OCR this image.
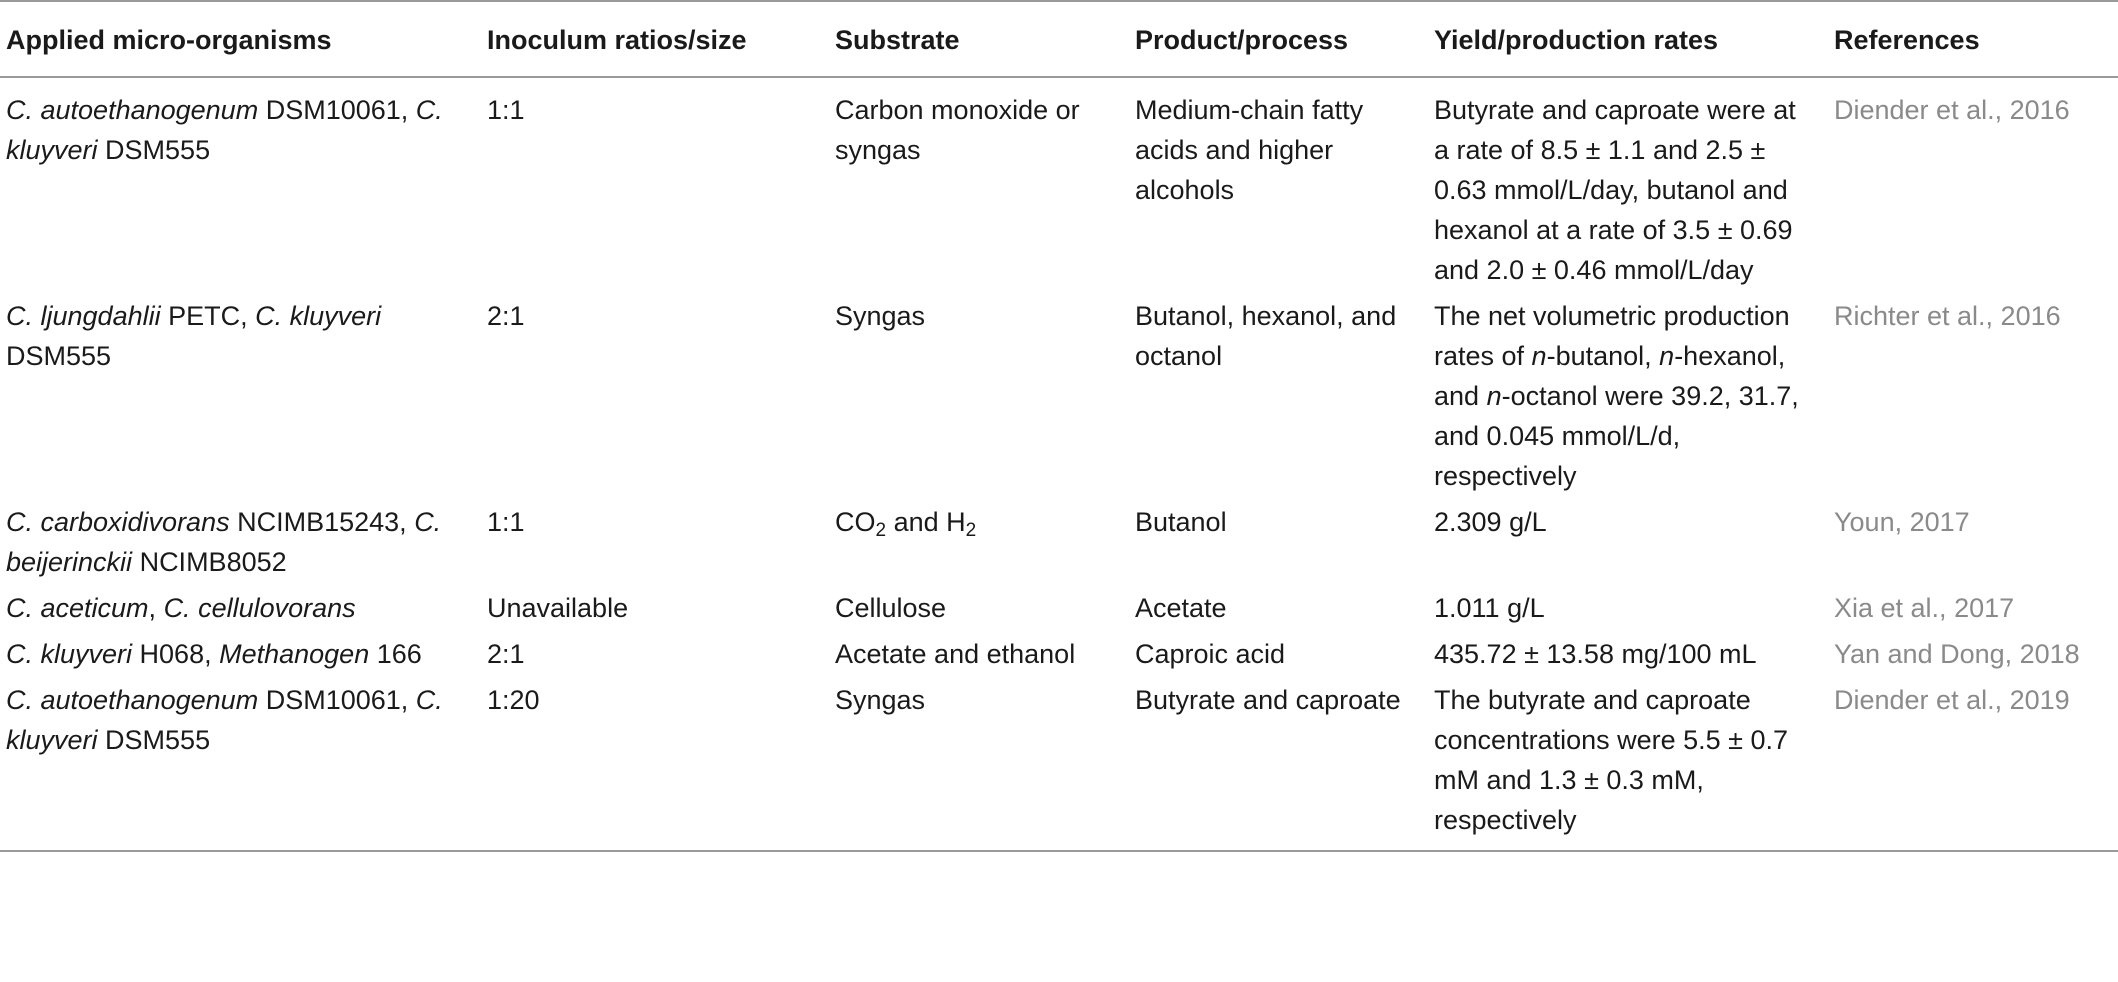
Applied micro-organisms	Inoculum ratios/size	Substrate	Product/process	Yield/production rates	References
C. autoethanogenum DSM10061, C. kluyveri DSM555	1:1	Carbon monoxide or syngas	Medium-chain fatty acids and higher alcohols	Butyrate and caproate were at a rate of 8.5 ± 1.1 and 2.5 ± 0.63 mmol/L/day, butanol and hexanol at a rate of 3.5 ± 0.69 and 2.0 ± 0.46 mmol/L/day	Diender et al., 2016
C. ljungdahlii PETC, C. kluyveri DSM555	2:1	Syngas	Butanol, hexanol, and octanol	The net volumetric production rates of n-butanol, n-hexanol, and n-octanol were 39.2, 31.7, and 0.045 mmol/L/d, respectively	Richter et al., 2016
C. carboxidivorans NCIMB15243, C. beijerinckii NCIMB8052	1:1	$CO_2$ and $H_2$	Butanol	2.309 g/L	Youn, 2017
C. aceticum, C. cellulovorans	Unavailable	Cellulose	Acetate	1.011 g/L	Xia et al., 2017
C. kluyveri H068, Methanogen 166	2:1	Acetate and ethanol	Caproic acid	435.72 ± 13.58 mg/100 mL	Yan and Dong, 2018
C. autoethanogenum DSM10061, C. kluyveri DSM555	1:20	Syngas	Butyrate and caproate	The butyrate and caproate concentrations were 5.5 ± 0.7 mM and 1.3 ± 0.3 mM, respectively	Diender et al., 2019
